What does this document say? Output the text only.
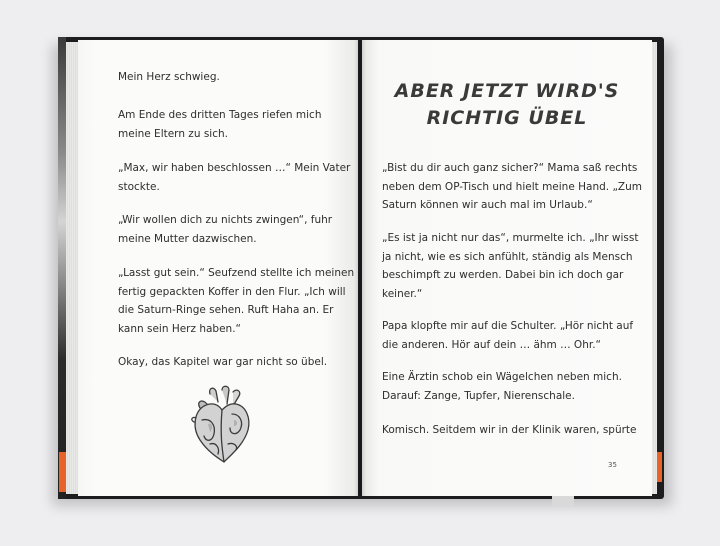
Mein Herz schwieg.

Am Ende des dritten Tages riefen mich meine Eltern zu sich.

„Max, wir haben beschlossen …“ Mein Vater stockte.

„Wir wollen dich zu nichts zwingen“, fuhr meine Mutter dazwischen.

„Lasst gut sein.“ Seufzend stellte ich meinen fertig gepackten Koffer in den Flur. „Ich will die Saturn-Ringe sehen. Ruft Haha an. Er kann sein Herz haben.“

Okay, das Kapitel war gar nicht so übel.

ABER JETZT WIRD'S RICHTIG ÜBEL

„Bist du dir auch ganz sicher?“ Mama saß rechts neben dem OP-Tisch und hielt meine Hand. „Zum Saturn können wir auch mal im Urlaub.“

„Es ist ja nicht nur das“, murmelte ich. „Ihr wisst ja nicht, wie es sich anfühlt, ständig als Mensch beschimpft zu werden. Dabei bin ich doch gar keiner.“

Papa klopfte mir auf die Schulter. „Hör nicht auf die anderen. Hör auf dein … ähm … Ohr.“

Eine Ärztin schob ein Wägelchen neben mich. Darauf: Zange, Tupfer, Nierenschale.

Komisch. Seitdem wir in der Klinik waren, spürte

35
